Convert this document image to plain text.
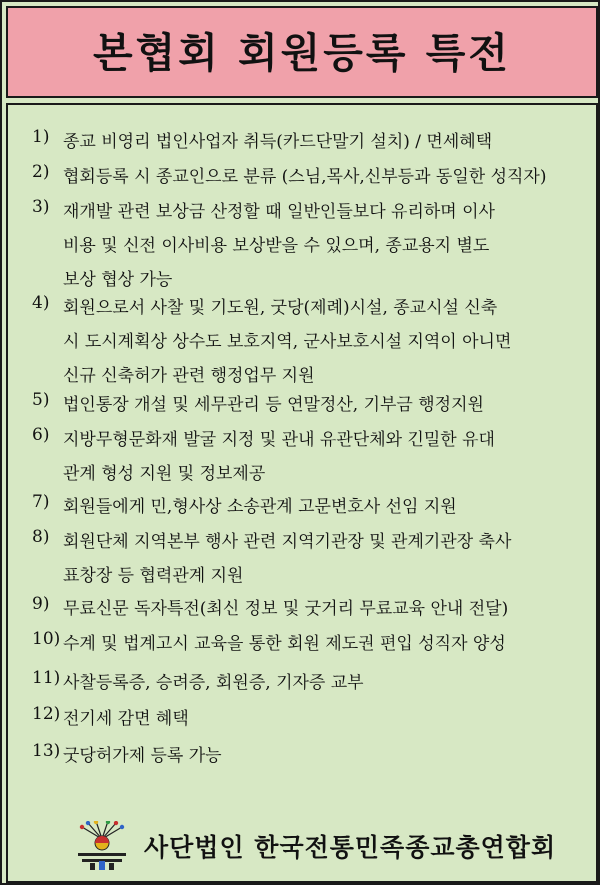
본협회 회원등록 특전
1) 종교 비영리 법인사업자 취득(카드단말기 설치) / 면세혜택
2) 협회등록 시 종교인으로 분류 (스님,목사,신부등과 동일한 성직자)
3) 재개발 관련 보상금 산정할 때 일반인들보다 유리하며 이사
비용 및 신전 이사비용 보상받을 수 있으며, 종교용지 별도
보상 협상 가능
4) 회원으로서 사찰 및 기도원, 굿당(제례)시설, 종교시설 신축
시 도시계획상 상수도 보호지역, 군사보호시설 지역이 아니면
신규 신축허가 관련 행정업무 지원
5) 법인통장 개설 및 세무관리 등 연말정산, 기부금 행정지원
6) 지방무형문화재 발굴 지정 및 관내 유관단체와 긴밀한 유대
관계 형성 지원 및 정보제공
7) 회원들에게 민,형사상 소송관계 고문변호사 선임 지원
8) 회원단체 지역본부 행사 관련 지역기관장 및 관계기관장 축사
표창장 등 협력관계 지원
9) 무료신문 독자특전(최신 정보 및 굿거리 무료교육 안내 전달)
10) 수계 및 법계고시 교육을 통한 회원 제도권 편입 성직자 양성
11) 사찰등록증, 승려증, 회원증, 기자증 교부
12) 전기세 감면 혜택
13) 굿당허가제 등록 가능
사단법인 한국전통민족종교총연합회
